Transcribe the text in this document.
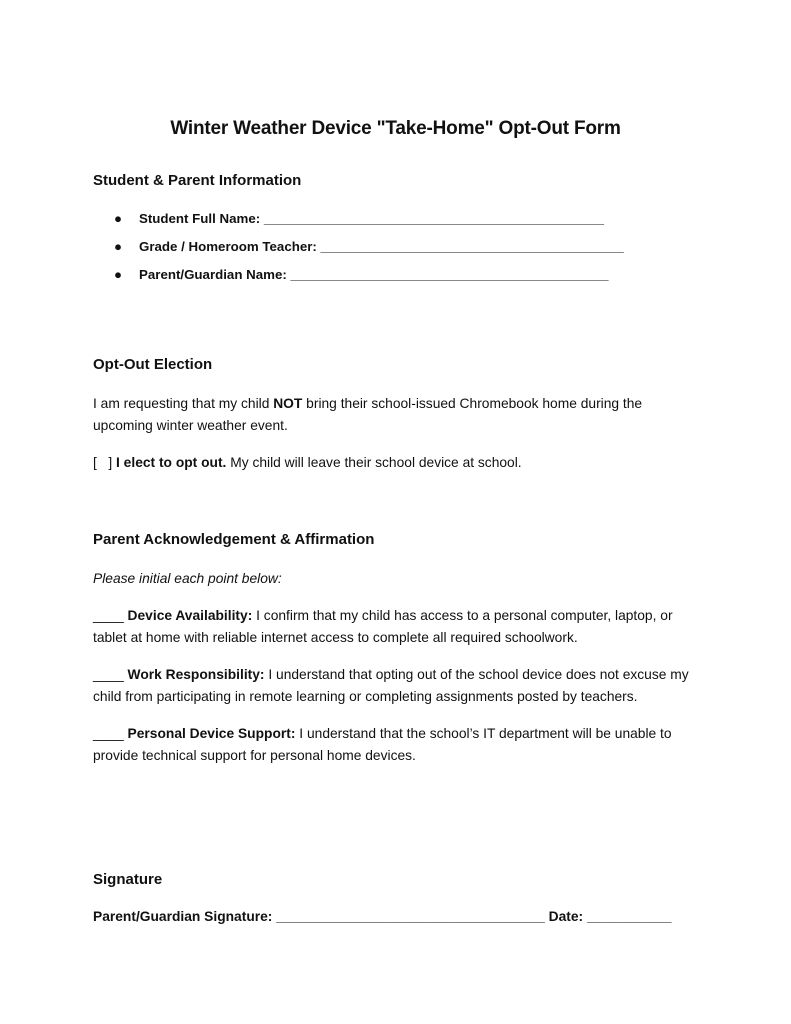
Winter Weather Device "Take-Home" Opt-Out Form
Student & Parent Information
● Student Full Name: ______________________________________________
● Grade / Homeroom Teacher: _________________________________________
● Parent/Guardian Name: ___________________________________________
Opt-Out Election
I am requesting that my child NOT bring their school-issued Chromebook home during the
upcoming winter weather event.
[   ] I elect to opt out. My child will leave their school device at school.
Parent Acknowledgement & Affirmation
Please initial each point below:
____ Device Availability: I confirm that my child has access to a personal computer, laptop, or
tablet at home with reliable internet access to complete all required schoolwork.
____ Work Responsibility: I understand that opting out of the school device does not excuse my
child from participating in remote learning or completing assignments posted by teachers.
____ Personal Device Support: I understand that the school’s IT department will be unable to
provide technical support for personal home devices.
Signature
Parent/Guardian Signature: ___________________________________ Date: ___________
